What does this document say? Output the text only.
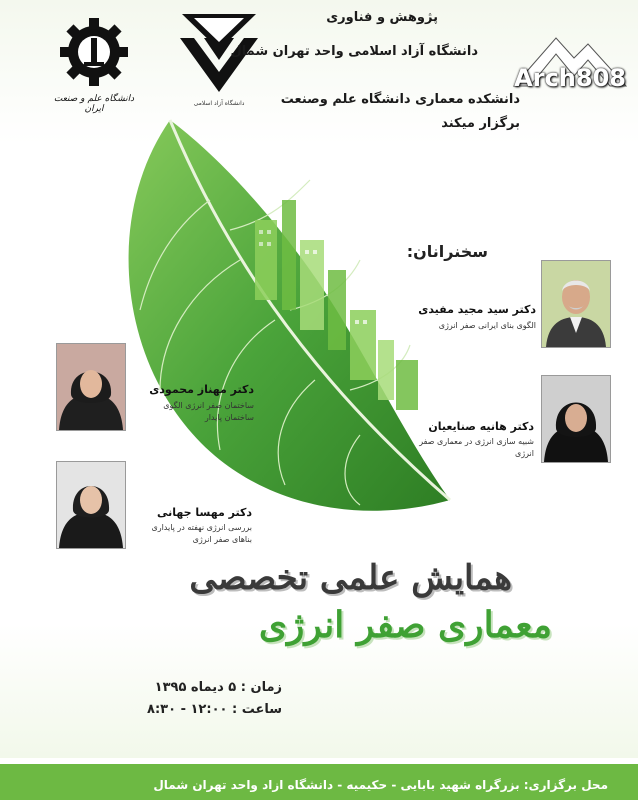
دانشگاه علم و صنعت ایران
دانشگاه آزاد اسلامی
پژوهش و فناوری
دانشگاه آزاد اسلامی واحد تهران شمال
دانشکده معماری دانشگاه علم وصنعت
برگزار میکند
Arch808
سخنرانان:
دکتر سید مجید مفیدی
الگوی بنای ایرانی صفر انرژی
دکتر مهناز محمودی
ساختمان صفر انرژی الگوی ساختمان پایدار
دکتر هانیه صنایعیان
شبیه سازی انرژی در معماری صفر انرژی
دکتر مهسا جهانی
بررسی انرژی نهفته در پایداری بناهای صفر انرژی
همایش علمی تخصصی
معماری صفر انرژی
زمان : ۵ دیماه ۱۳۹۵
ساعت : ۱۲:۰۰ - ۸:۳۰
محل برگزاری: بزرگراه شهید بابایی - حکیمیه - دانشگاه ازاد واحد تهران شمال
